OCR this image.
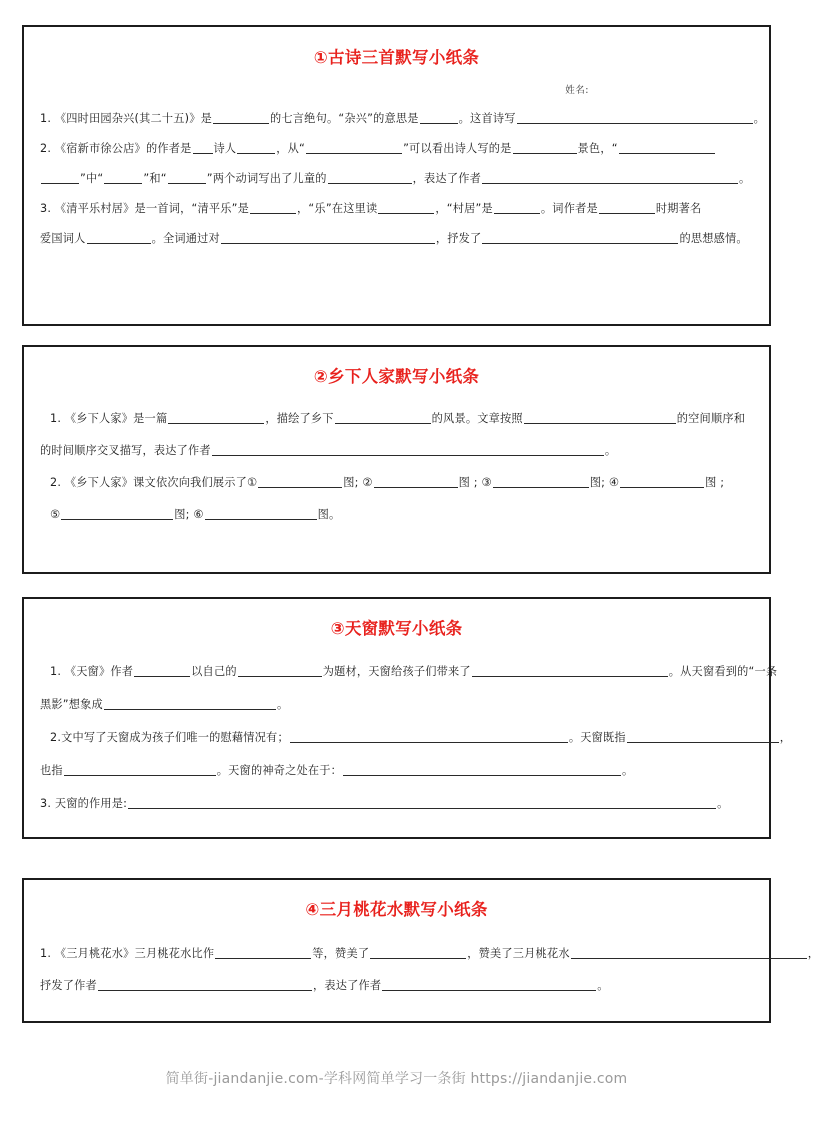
①古诗三首默写小纸条
姓名:
1. 《四时田园杂兴(其二十五)》是	的七言绝句。“杂兴”的意思是	。这首诗写	。
2. 《宿新市徐公店》的作者是 诗人	，从“	”可以看出诗人写的是	景色，“
”中“	”和“	”两个动词写出了儿童的	，表达了作者	。
3. 《清平乐村居》是一首词，“清平乐”是	，“乐”在这里读	，“村居”是	。词作者是	时期著名
爱国词人	。全词通过对	，抒发了	的思想感情。
②乡下人家默写小纸条
1. 《乡下人家》是一篇	，描绘了乡下	的风景。文章按照	的空间顺序和
的时间顺序交叉描写，表达了作者	。
2. 《乡下人家》课文依次向我们展示了①	图; ②	图 ; ③	图; ④	图 ;
⑤	图; ⑥	图。
③天窗默写小纸条
1. 《天窗》作者	以自己的	为题材，天窗给孩子们带来了	。从天窗看到的“一条
黑影”想象成	。
2.文中写了天窗成为孩子们唯一的慰藉情况有；	。天窗既指	，
也指	。天窗的神奇之处在于：	。
3. 天窗的作用是:	。
④三月桃花水默写小纸条
1. 《三月桃花水》三月桃花水比作	等，赞美了	，赞美了三月桃花水	，
抒发了作者	，表达了作者	。
简单街-jiandanjie.com-学科网简单学习一条街 https://jiandanjie.com
